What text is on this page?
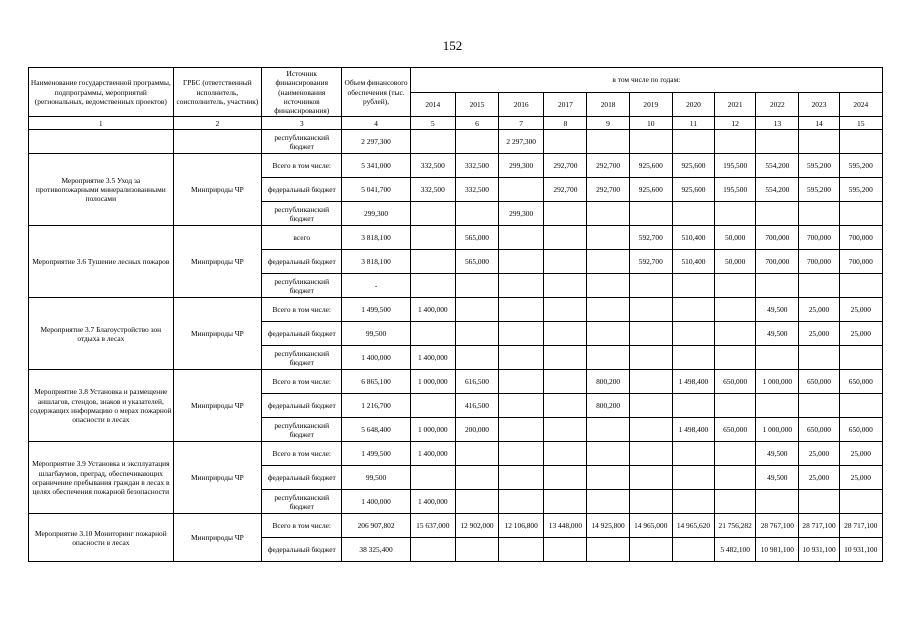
152
Наименование государственной программы, подпрограммы, мероприятий (региональных, ведомственных проектов)	ГРБС (ответственный исполнитель, соисполнитель, участник)	Источник финансирования (наименования источников финансирования)	Объем финансового обеспечения (тыс. рублей),	в том числе по годам:										
				2014	2015	2016	2017	2018	2019	2020	2021	2022	2023	2024
1	2	3	4	5	6	7	8	9	10	11	12	13	14	15
		республиканский бюджет	2 297,300			2 297,300								
Мероприятие 3.5 Уход за противопожарными минерализованными полосами	Минприроды ЧР	Всего в том числе:	5 341,000	332,500	332,500	299,300	292,700	292,700	925,600	925,600	195,500	554,200	595,200	595,200
		федеральный бюджет	5 041,700	332,500	332,500		292,700	292,700	925,600	925,600	195,500	554,200	595,200	595,200
		республиканский бюджет	299,300			299,300								
Мероприятие 3.6 Тушение лесных пожаров	Минприроды ЧР	всего	3 818,100		565,000				592,700	510,400	50,000	700,000	700,000	700,000
		федеральный бюджет	3 818,100		565,000				592,700	510,400	50,000	700,000	700,000	700,000
		республиканский бюджет	-											
Мероприятие 3.7 Благоустройство зон отдыха в лесах	Минприроды ЧР	Всего в том числе:	1 499,500	1 400,000								49,500	25,000	25,000
		федеральный бюджет	99,500									49,500	25,000	25,000
		республиканский бюджет	1 400,000	1 400,000										
Мероприятие 3.8 Установка и размещение аншлагов, стендов, знаков и указателей, содержащих информацию о мерах пожарной опасности в лесах	Минприроды ЧР	Всего в том числе:	6 865,100	1 000,000	616,500			800,200		1 498,400	650,000	1 000,000	650,000	650,000
		федеральный бюджет	1 216,700		416,500			800,200						
		республиканский бюджет	5 648,400	1 000,000	200,000					1 498,400	650,000	1 000,000	650,000	650,000
Мероприятие 3.9 Установка и эксплуатация шлагбаумов, преград, обеспечивающих ограничение пребывания граждан в лесах в целях обеспечения пожарной безопасности	Минприроды ЧР	Всего в том числе:	1 499,500	1 400,000								49,500	25,000	25,000
		федеральный бюджет	99,500									49,500	25,000	25,000
		республиканский бюджет	1 400,000	1 400,000										
Мероприятие 3.10 Мониторинг пожарной опасности в лесах	Минприроды ЧР	Всего в том числе:	206 907,802	15 637,000	12 902,000	12 106,800	13 448,000	14 925,800	14 965,000	14 965,620	21 756,282	28 767,100	28 717,100	28 717,100
		федеральный бюджет	38 325,400								5 482,100	10 981,100	10 931,100	10 931,100
